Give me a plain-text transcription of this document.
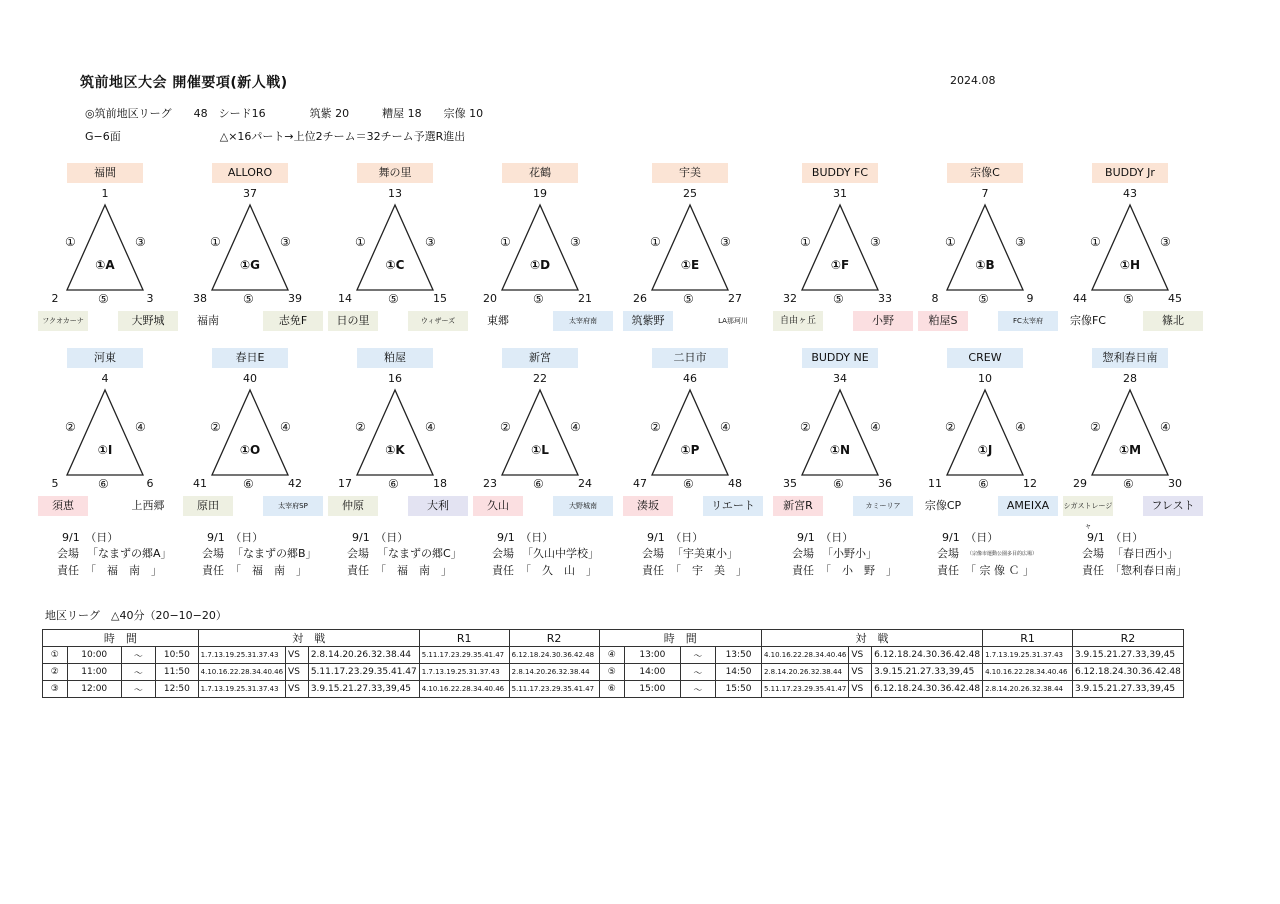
筑前地区大会 開催要項(新人戦)	2024.08
◎筑前地区リーグ　　48　シード16　　　　筑紫 20　　　糟屋 18　　宗像 10
G−6面　　　　　　　　　△×16パート→上位2チーム＝32チーム予選R進出
福間
1
①A
①	③
2	3
⑤
フクオカーナ	大野城
ALLORO
37
①G
①	③
38	39
⑤
福南	志免F
舞の里
13
①C
①	③
14	15
⑤
日の里	ウィザーズ
花鶴
19
①D
①	③
20	21
⑤
東郷	太宰府南
宇美
25
①E
①	③
26	27
⑤
筑紫野	LA那珂川
BUDDY FC
31
①F
①	③
32	33
⑤
自由ヶ丘	小野
宗像C
7
①B
①	③
8	9
⑤
粕屋S	FC太宰府
BUDDY Jr
43
①H
①	③
44	45
⑤
宗像FC	篠北
河東
4
①I
②	④
5	6
⑥
須恵	上西郷
春日E
40
①O
②	④
41	42
⑥
原田	太宰府SP
粕屋
16
①K
②	④
17	18
⑥
仲原	大利
新宮
22
①L
②	④
23	24
⑥
久山	大野城南
二日市
46
①P
②	④
47	48
⑥
湊坂	リエート
BUDDY NE
34
①N
②	④
35	36
⑥
新宮R	カミーリア
CREW
10
①J
②	④
11	12
⑥
宗像CP	AMEIXA
惣利春日南
28
①M
②	④
29	30
⑥
シガストレージャ
フレスト
9/1　（日）
会場 「なまずの郷A」
責任 「　福　南　」
9/1　（日）
会場 「なまずの郷B」
責任 「　福　南　」
9/1　（日）
会場 「なまずの郷C」
責任 「　福　南　」
9/1　（日）
会場 「久山中学校」
責任 「　久　山　」
9/1　（日）
会場 「宇美東小」
責任 「　宇　美　」
9/1　（日）
会場 「小野小」
責任 「　小　野　」
9/1　（日）
会場 （宗像市運動公園多目的広場）
責任 「 宗 像 Ｃ 」
9/1　（日）
会場 「春日西小」
責任 「惣利春日南」
地区リーグ　△40分（20−10−20）
時　間				対　戦			R1	R2	時　間				対　戦			R1	R2
①	10:00	〜	10:50	1.7.13.19.25.31.37.43	VS	2.8.14.20.26.32.38.44	5.11.17.23.29.35.41.47	6.12.18.24.30.36.42.48	④	13:00	〜	13:50	4.10.16.22.28.34.40.46	VS	6.12.18.24.30.36.42.48	1.7.13.19.25.31.37.43	3.9.15.21.27.33,39,45
②	11:00	〜	11:50	4.10.16.22.28.34.40.46	VS	5.11.17.23.29.35.41.47	1.7.13.19.25.31.37.43	2.8.14.20.26.32.38.44	⑤	14:00	〜	14:50	2.8.14.20.26.32.38.44	VS	3.9.15.21.27.33,39,45	4.10.16.22.28.34.40.46	6.12.18.24.30.36.42.48
③	12:00	〜	12:50	1.7.13.19.25.31.37.43	VS	3.9.15.21.27.33,39,45	4.10.16.22.28.34.40.46	5.11.17.23.29.35.41.47	⑥	15:00	〜	15:50	5.11.17.23.29.35.41.47	VS	6.12.18.24.30.36.42.48	2.8.14.20.26.32.38.44	3.9.15.21.27.33,39,45
